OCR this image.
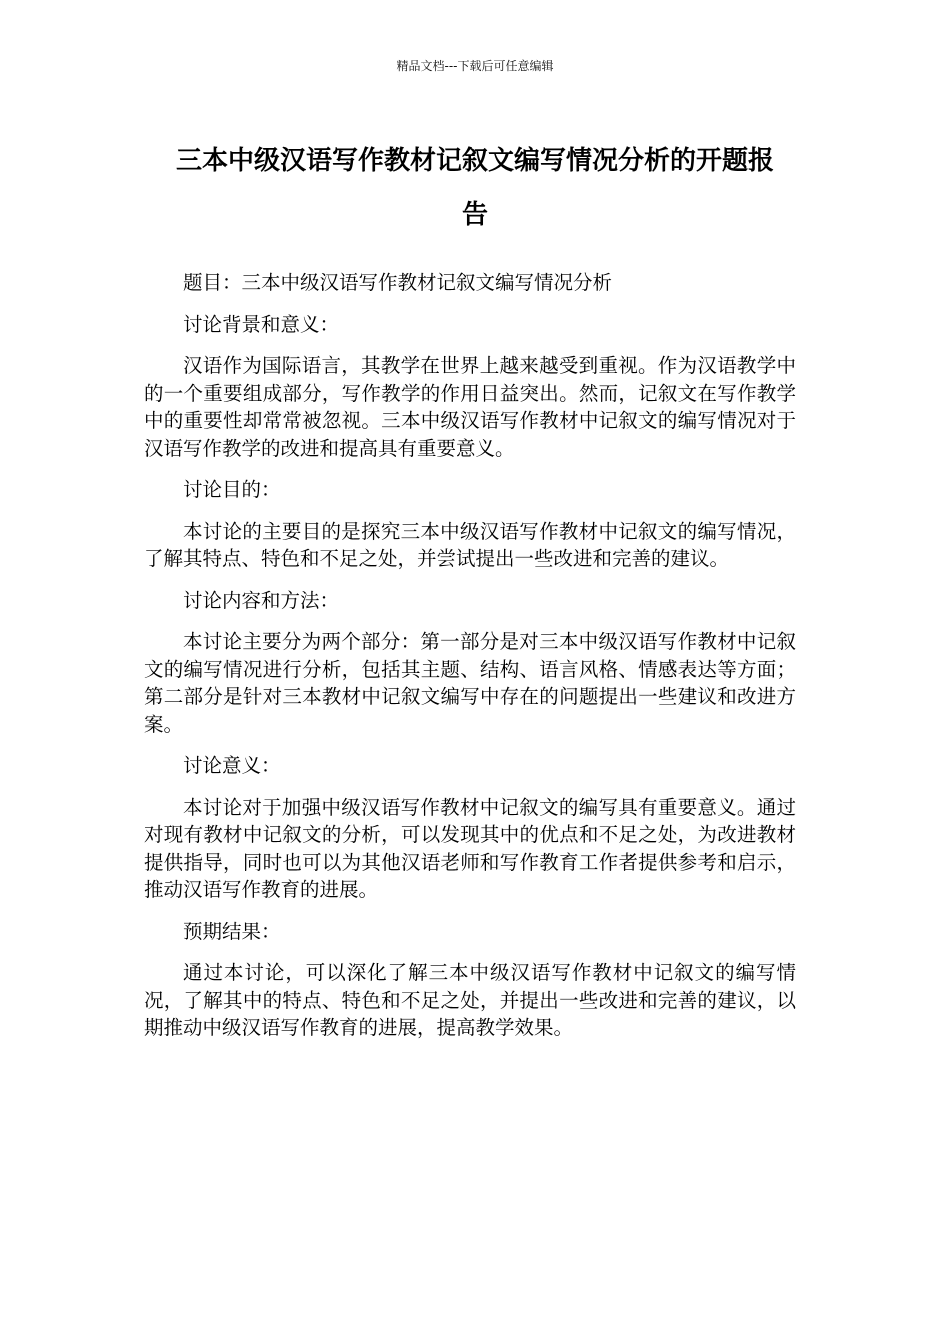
精品文档---下载后可任意编辑
三本中级汉语写作教材记叙文编写情况分析的开题报
告

题目：三本中级汉语写作教材记叙文编写情况分析

讨论背景和意义：

汉语作为国际语言，其教学在世界上越来越受到重视。作为汉语教学中的一个重要组成部分，写作教学的作用日益突出。然而，记叙文在写作教学中的重要性却常常被忽视。三本中级汉语写作教材中记叙文的编写情况对于汉语写作教学的改进和提高具有重要意义。

讨论目的：

本讨论的主要目的是探究三本中级汉语写作教材中记叙文的编写情况，了解其特点、特色和不足之处，并尝试提出一些改进和完善的建议。

讨论内容和方法：

本讨论主要分为两个部分：第一部分是对三本中级汉语写作教材中记叙文的编写情况进行分析，包括其主题、结构、语言风格、情感表达等方面；第二部分是针对三本教材中记叙文编写中存在的问题提出一些建议和改进方案。

讨论意义：

本讨论对于加强中级汉语写作教材中记叙文的编写具有重要意义。通过对现有教材中记叙文的分析，可以发现其中的优点和不足之处，为改进教材提供指导，同时也可以为其他汉语老师和写作教育工作者提供参考和启示，推动汉语写作教育的进展。

预期结果：

通过本讨论，可以深化了解三本中级汉语写作教材中记叙文的编写情况，了解其中的特点、特色和不足之处，并提出一些改进和完善的建议，以期推动中级汉语写作教育的进展，提高教学效果。
